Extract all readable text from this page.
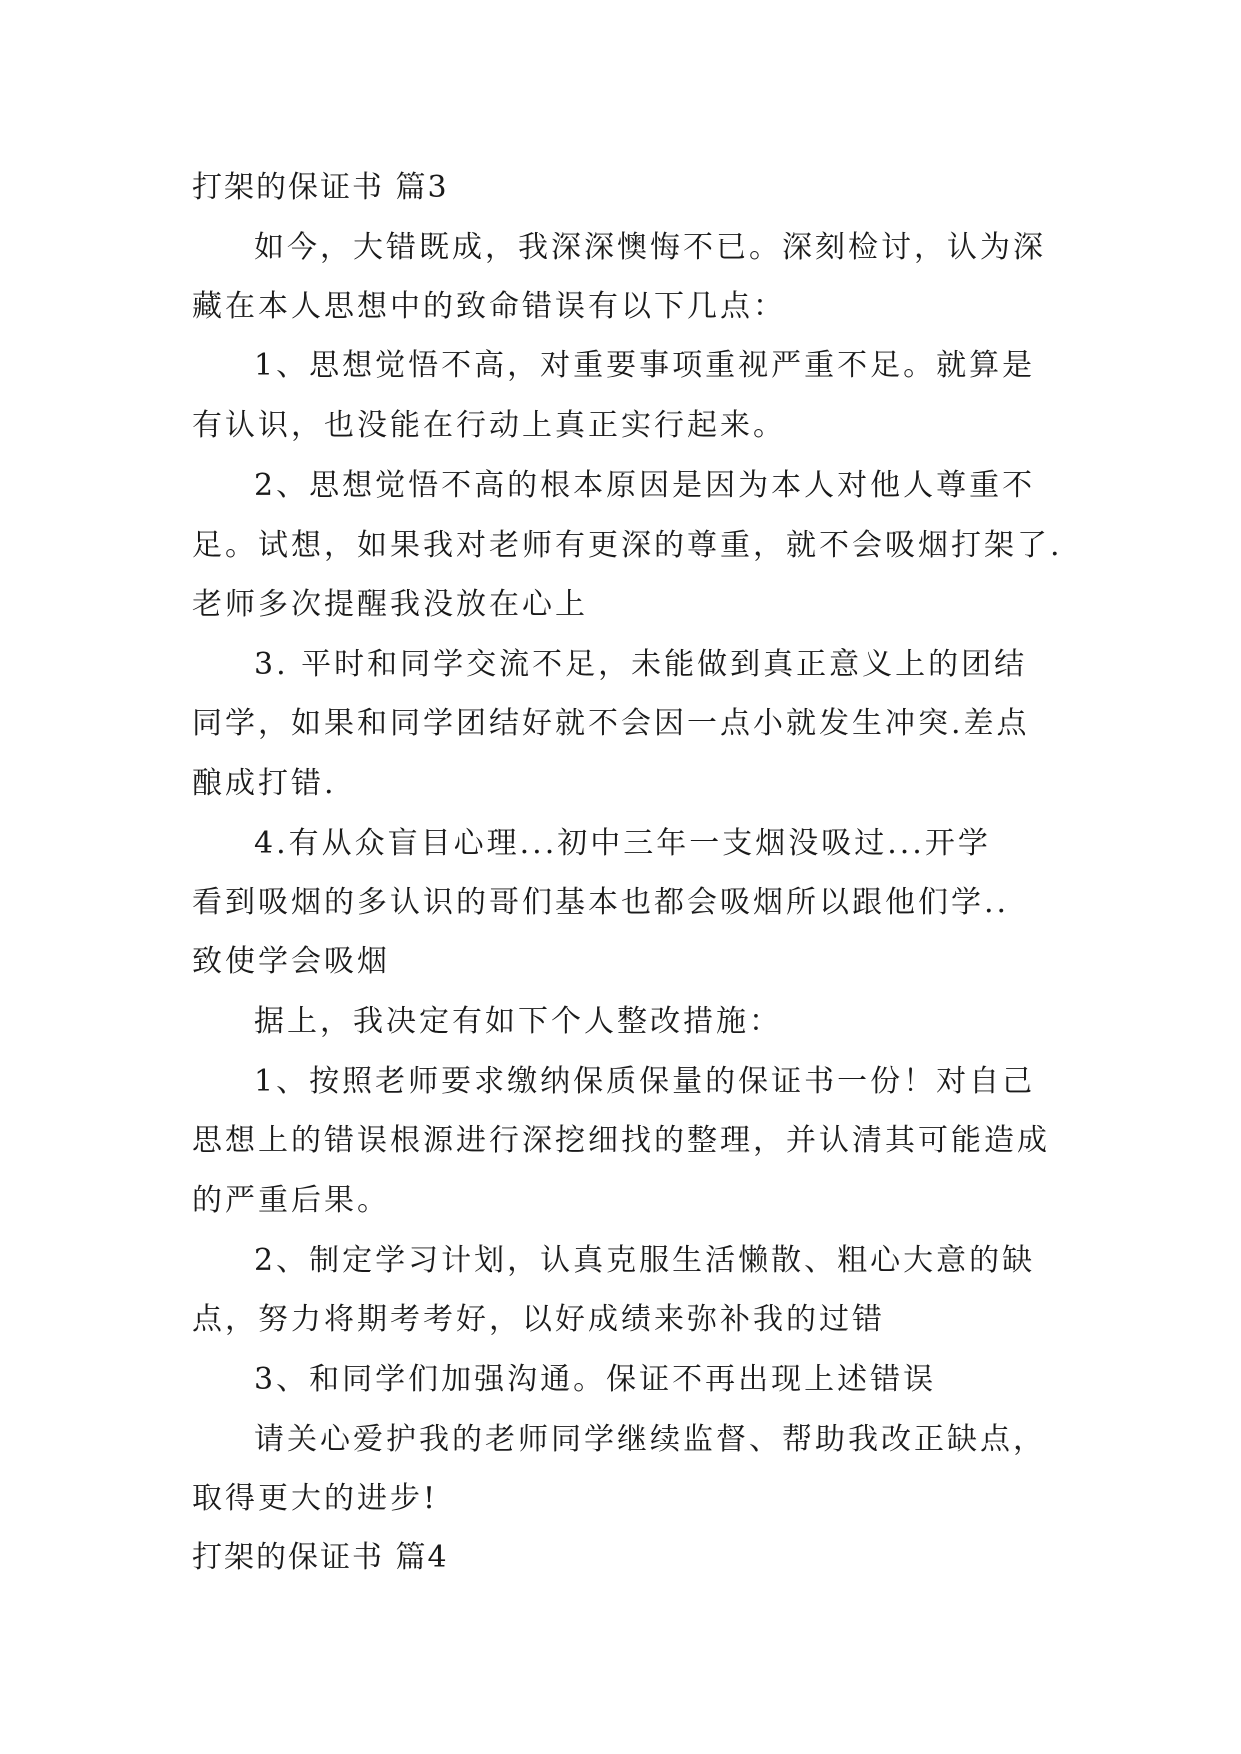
打架的保证书 篇3
如今，大错既成，我深深懊悔不已。深刻检讨，认为深
藏在本人思想中的致命错误有以下几点：
1、思想觉悟不高，对重要事项重视严重不足。就算是
有认识，也没能在行动上真正实行起来。
2、思想觉悟不高的根本原因是因为本人对他人尊重不
足。试想，如果我对老师有更深的尊重，就不会吸烟打架了.
老师多次提醒我没放在心上
3. 平时和同学交流不足，未能做到真正意义上的团结
同学，如果和同学团结好就不会因一点小就发生冲突.差点
酿成打错.
4.有从众盲目心理...初中三年一支烟没吸过...开学
看到吸烟的多认识的哥们基本也都会吸烟所以跟他们学..
致使学会吸烟
据上，我决定有如下个人整改措施：
1、按照老师要求缴纳保质保量的保证书一份！对自己
思想上的错误根源进行深挖细找的整理，并认清其可能造成
的严重后果。
2、制定学习计划，认真克服生活懒散、粗心大意的缺
点，努力将期考考好，以好成绩来弥补我的过错
3、和同学们加强沟通。保证不再出现上述错误
请关心爱护我的老师同学继续监督、帮助我改正缺点，
取得更大的进步!
打架的保证书 篇4
